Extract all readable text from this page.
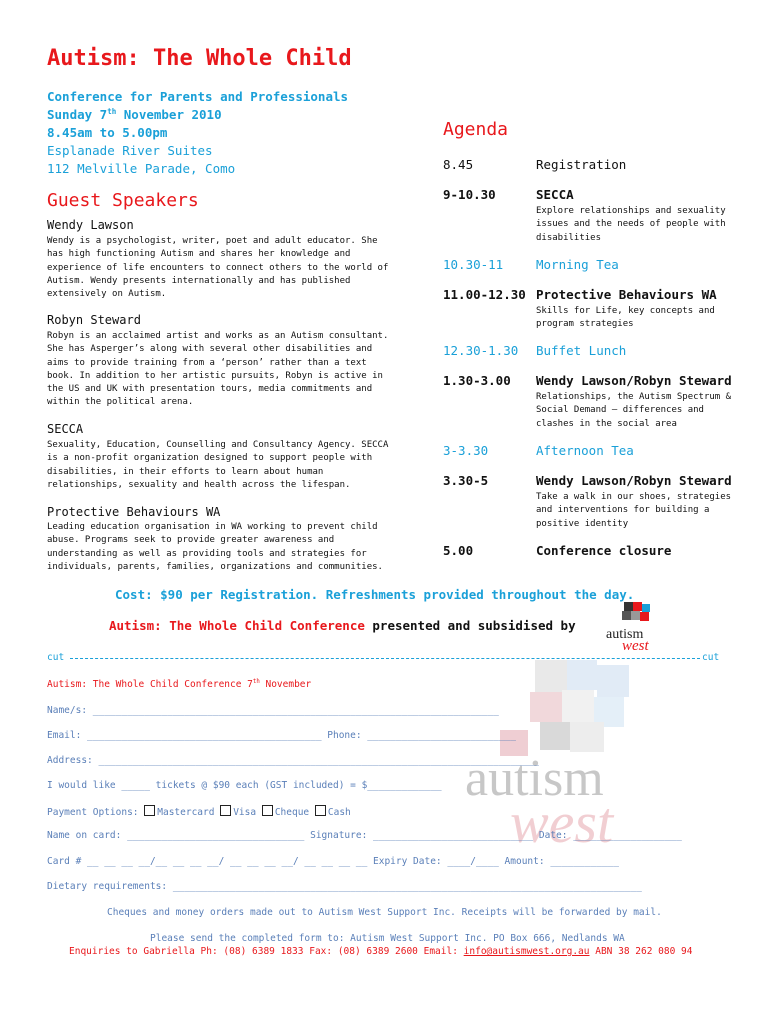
Autism: The Whole Child
Conference for Parents and Professionals
Sunday 7th November 2010
8.45am to 5.00pm
Esplanade River Suites
112 Melville Parade, Como
Guest Speakers
Wendy Lawson
Wendy is a psychologist, writer, poet and adult educator. She has high functioning Autism and shares her knowledge and experience of life encounters to connect others to the world of Autism. Wendy presents internationally and has published extensively on Autism.
Robyn Steward
Robyn is an acclaimed artist and works as an Autism consultant. She has Asperger’s along with several other disabilities and aims to provide training from a ‘person’ rather than a text book. In addition to her artistic pursuits, Robyn is active in the US and UK with presentation tours, media commitments and within the political arena.
SECCA
Sexuality, Education, Counselling and Consultancy Agency. SECCA is a non-profit organization designed to support people with disabilities, in their efforts to learn about human relationships, sexuality and health across the lifespan.
Protective Behaviours WA
Leading education organisation in WA working to prevent child abuse. Programs seek to provide greater awareness and understanding as well as providing tools and strategies for individuals, parents, families, organizations and communities.
Agenda
8.45	Registration
9-10.30	SECCA
Explore relationships and sexuality issues and the needs of people with disabilities
10.30-11	Morning Tea
11.00-12.30 Protective Behaviours WA
Skills for Life, key concepts and program strategies
12.30-1.30 Buffet Lunch
1.30-3.00 Wendy Lawson/Robyn Steward
Relationships, the Autism Spectrum & Social Demand – differences and clashes in the social area
3-3.30	Afternoon Tea
3.30-5	Wendy Lawson/Robyn Steward
Take a walk in our shoes, strategies and interventions for building a positive identity
5.00	Conference closure
Cost: $90 per Registration. Refreshments provided throughout the day.
Autism: The Whole Child Conference presented and subsidised by
autism
west
cut	cut
autism
west
Autism: The Whole Child Conference 7th November
Name/s: _______________________________________________________________________
Email: _________________________________________ Phone: __________________________
Address: _____________________________________________________________________________
I would like _____ tickets @ $90 each (GST included) = $_____________
Payment Options: Mastercard Visa Cheque Cash
Name on card: _______________________________ Signature: ____________________________ Date: ___________________
Card # __ __ __ __/__ __ __ __/ __ __ __ __/ __ __ __ __ Expiry Date: ____/____ Amount: ____________
Dietary requirements: __________________________________________________________________________________
Cheques and money orders made out to Autism West Support Inc. Receipts will be forwarded by mail.
Please send the completed form to: Autism West Support Inc. PO Box 666, Nedlands WA
Enquiries to Gabriella Ph: (08) 6389 1833 Fax: (08) 6389 2600 Email: info@autismwest.org.au ABN 38 262 080 94
